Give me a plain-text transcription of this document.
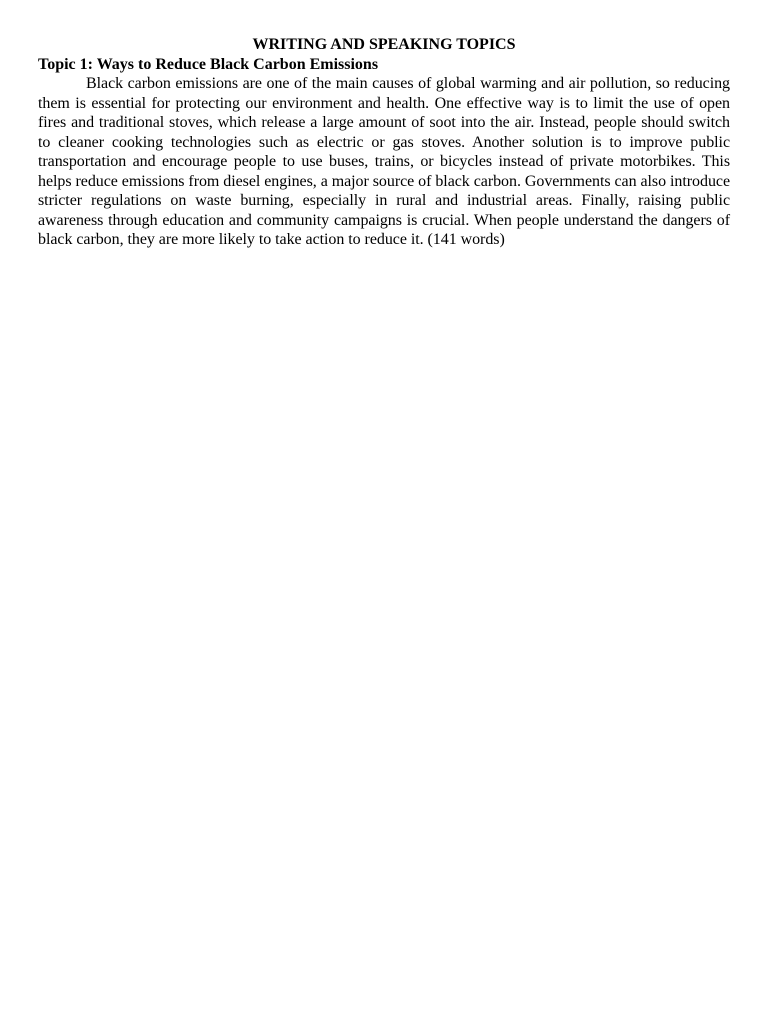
WRITING AND SPEAKING TOPICS
Topic 1: Ways to Reduce Black Carbon Emissions

Black carbon emissions are one of the main causes of global warming and air pollution, so reducing them is essential for protecting our environment and health. One effective way is to limit the use of open fires and traditional stoves, which release a large amount of soot into the air. Instead, people should switch to cleaner cooking technologies such as electric or gas stoves. Another solution is to improve public transportation and encourage people to use buses, trains, or bicycles instead of private motorbikes. This helps reduce emissions from diesel engines, a major source of black carbon. Governments can also introduce stricter regulations on waste burning, especially in rural and industrial areas. Finally, raising public awareness through education and community campaigns is crucial. When people understand the dangers of black carbon, they are more likely to take action to reduce it. (141 words)
